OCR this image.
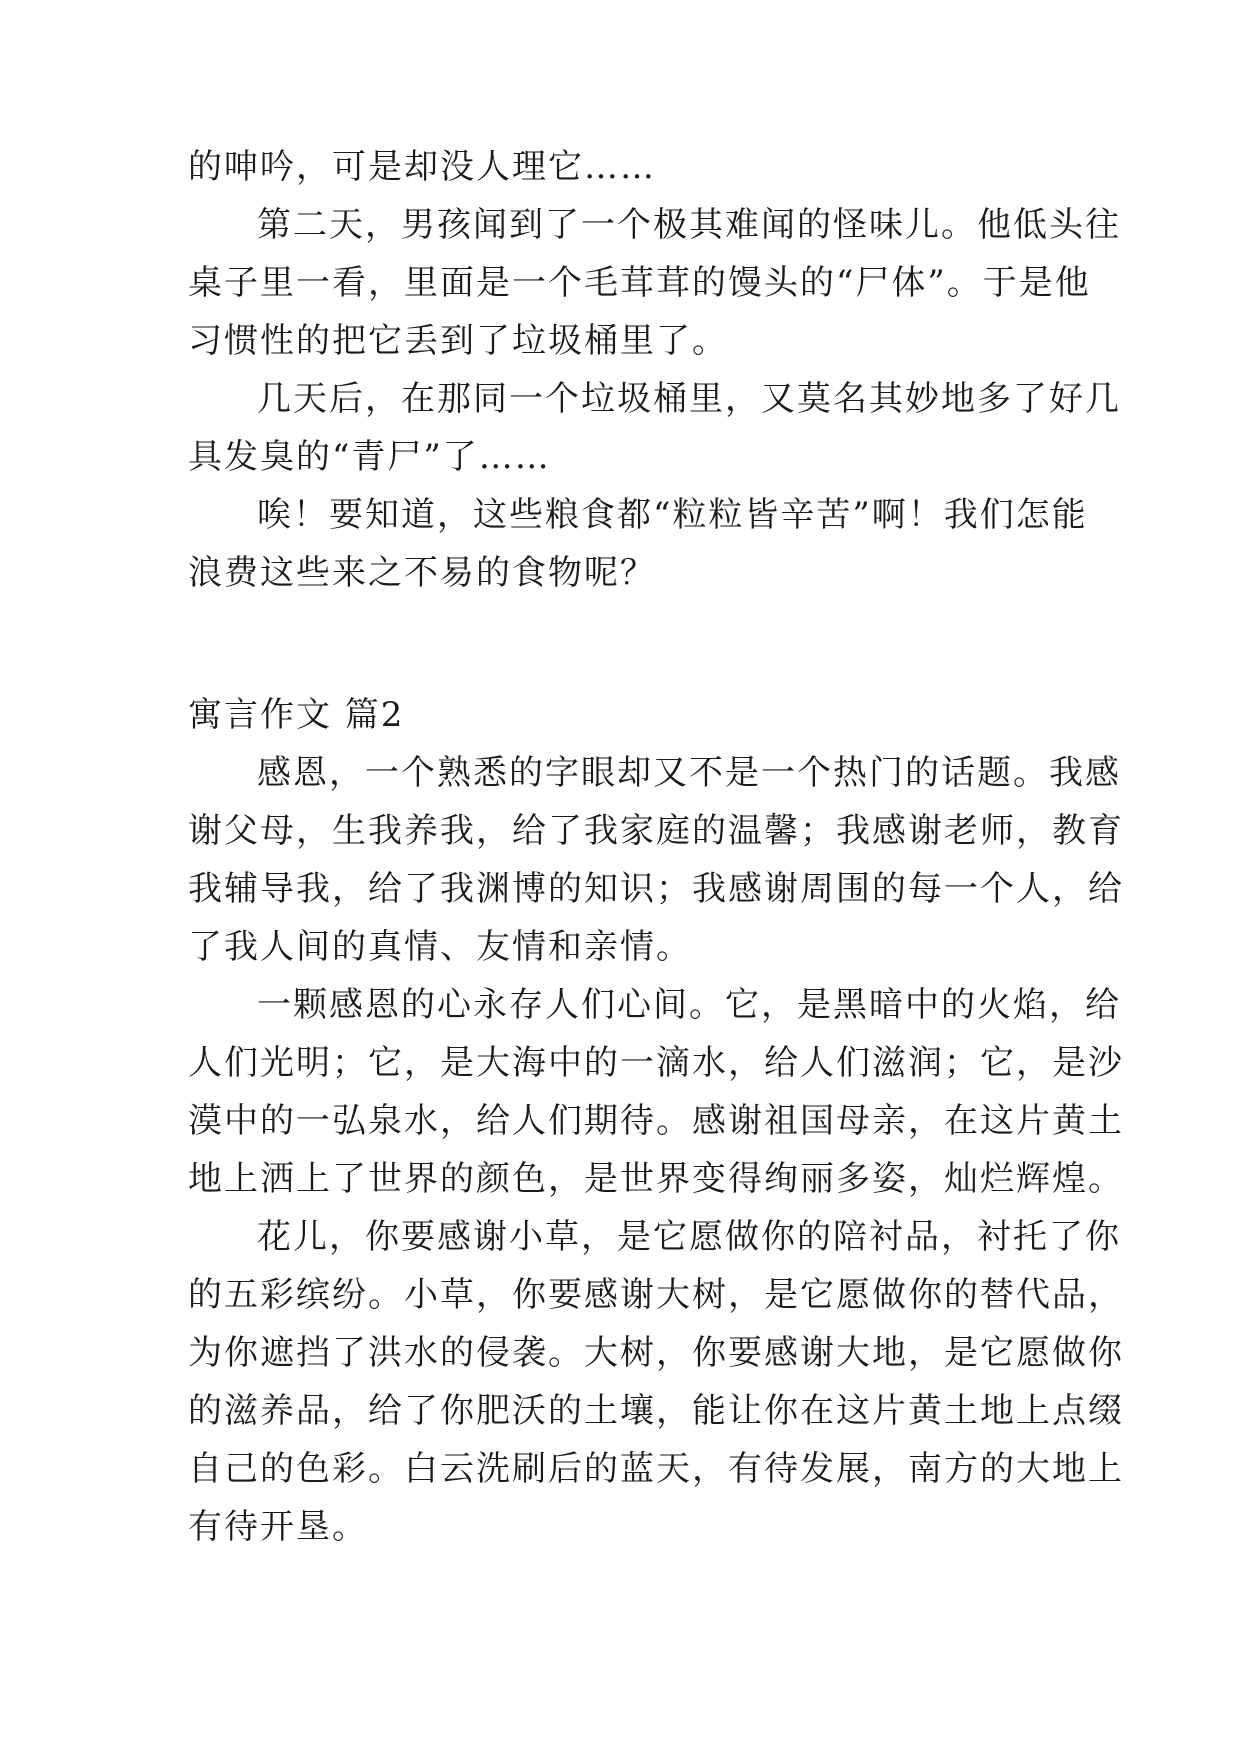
的呻吟，可是却没人理它……
第二天，男孩闻到了一个极其难闻的怪味儿。他低头往
桌子里一看，里面是一个毛茸茸的馒头的“尸体”。于是他
习惯性的把它丢到了垃圾桶里了。
几天后，在那同一个垃圾桶里，又莫名其妙地多了好几
具发臭的“青尸”了……
唉！要知道，这些粮食都“粒粒皆辛苦”啊！我们怎能
浪费这些来之不易的食物呢？
寓言作文 篇2
感恩，一个熟悉的字眼却又不是一个热门的话题。我感
谢父母，生我养我，给了我家庭的温馨；我感谢老师，教育
我辅导我，给了我渊博的知识；我感谢周围的每一个人，给
了我人间的真情、友情和亲情。
一颗感恩的心永存人们心间。它，是黑暗中的火焰，给
人们光明；它，是大海中的一滴水，给人们滋润；它，是沙
漠中的一弘泉水，给人们期待。感谢祖国母亲，在这片黄土
地上洒上了世界的颜色，是世界变得绚丽多姿，灿烂辉煌。
花儿，你要感谢小草，是它愿做你的陪衬品，衬托了你
的五彩缤纷。小草，你要感谢大树，是它愿做你的替代品，
为你遮挡了洪水的侵袭。大树，你要感谢大地，是它愿做你
的滋养品，给了你肥沃的土壤，能让你在这片黄土地上点缀
自己的色彩。白云洗刷后的蓝天，有待发展，南方的大地上
有待开垦。
